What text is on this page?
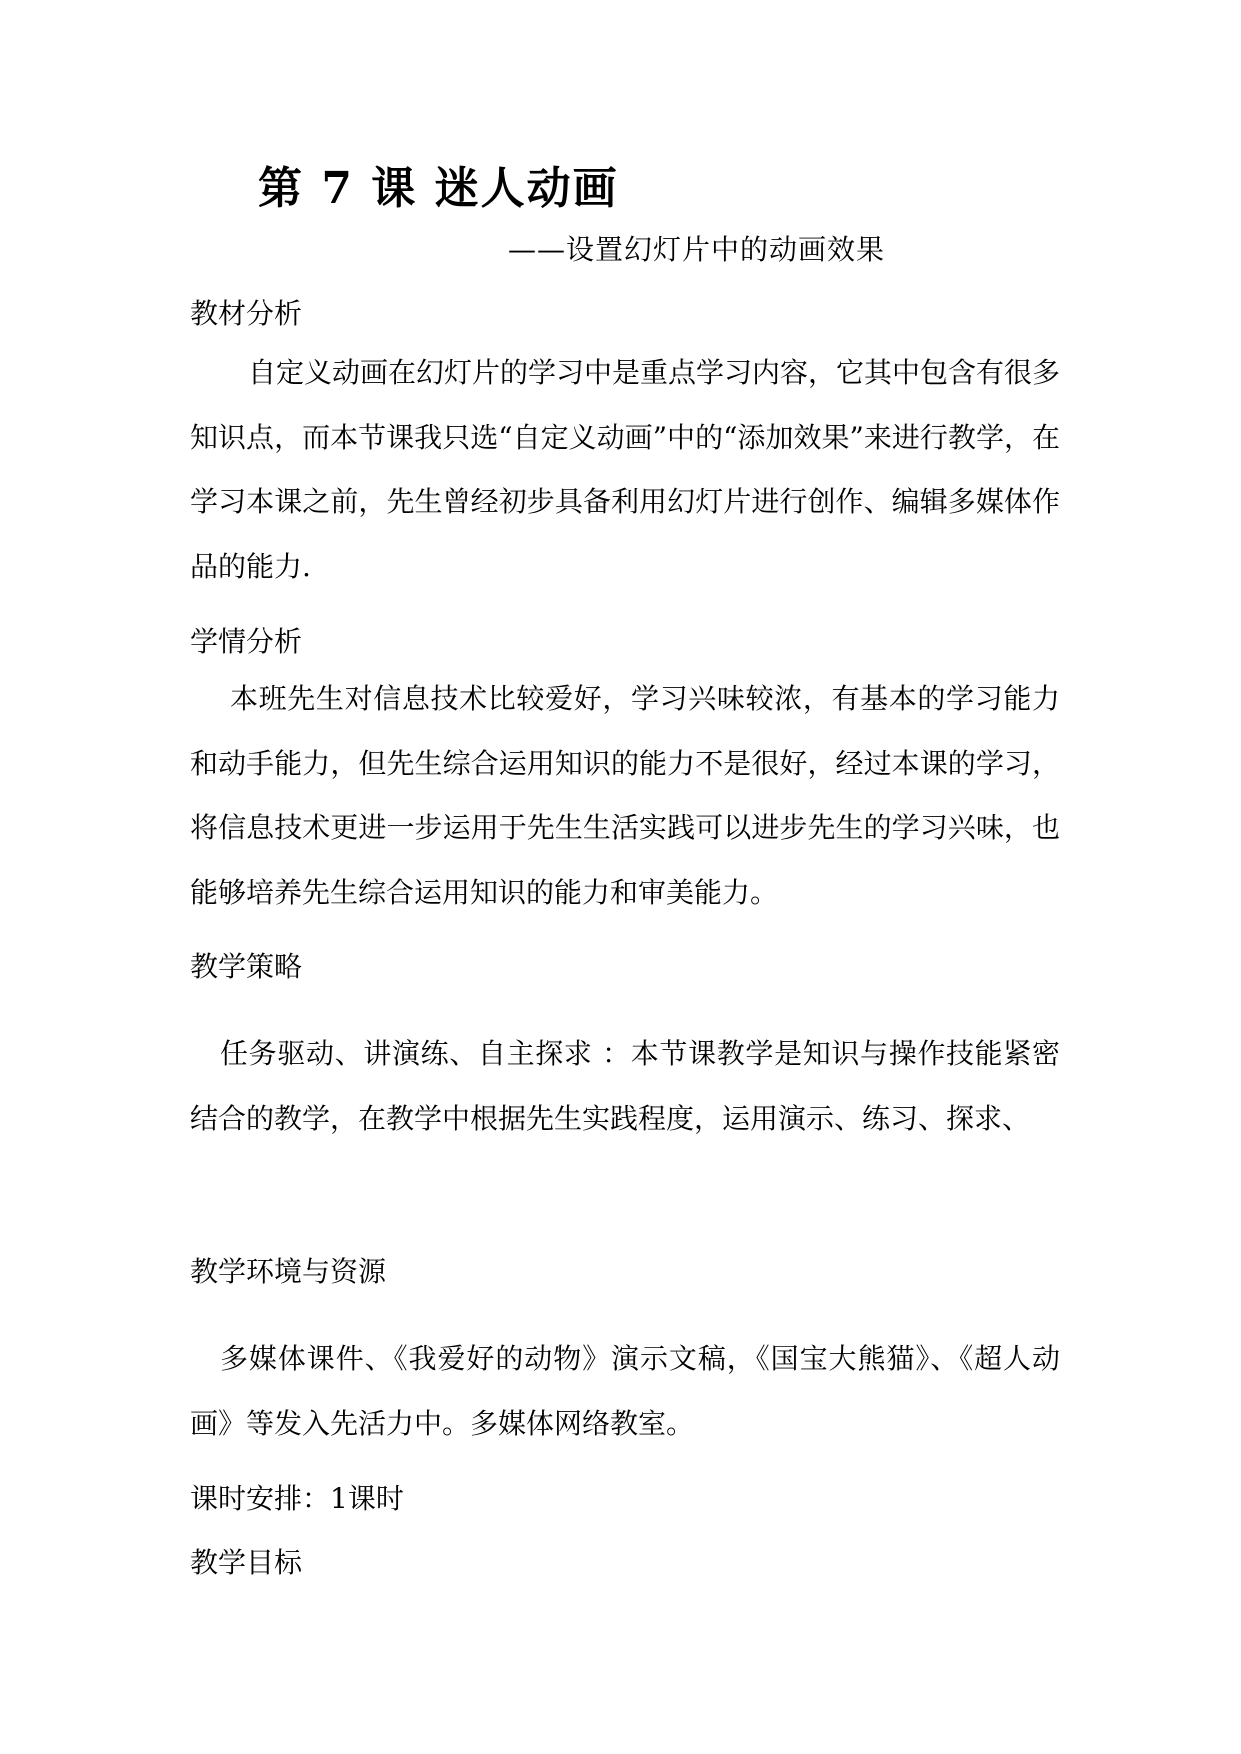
第 7 课 迷人动画
——设置幻灯片中的动画效果
教材分析
自定义动画在幻灯片的学习中是重点学习内容，它其中包含有很多知识点，而本节课我只选“自定义动画”中的“添加效果”来进行教学，在学习本课之前，先生曾经初步具备利用幻灯片进行创作、编辑多媒体作品的能力.
学情分析
本班先生对信息技术比较爱好，学习兴味较浓，有基本的学习能力和动手能力，但先生综合运用知识的能力不是很好，经过本课的学习，将信息技术更进一步运用于先生生活实践可以进步先生的学习兴味，也能够培养先生综合运用知识的能力和审美能力。
教学策略
任务驱动、讲演练、自主探求 ：本节课教学是知识与操作技能紧密结合的教学，在教学中根据先生实践程度，运用演示、练习、探求、
教学环境与资源
多媒体课件、《我爱好的动物》演示文稿，《国宝大熊猫》、《超人动画》等发入先活力中。多媒体网络教室。
课时安排：1课时
教学目标
